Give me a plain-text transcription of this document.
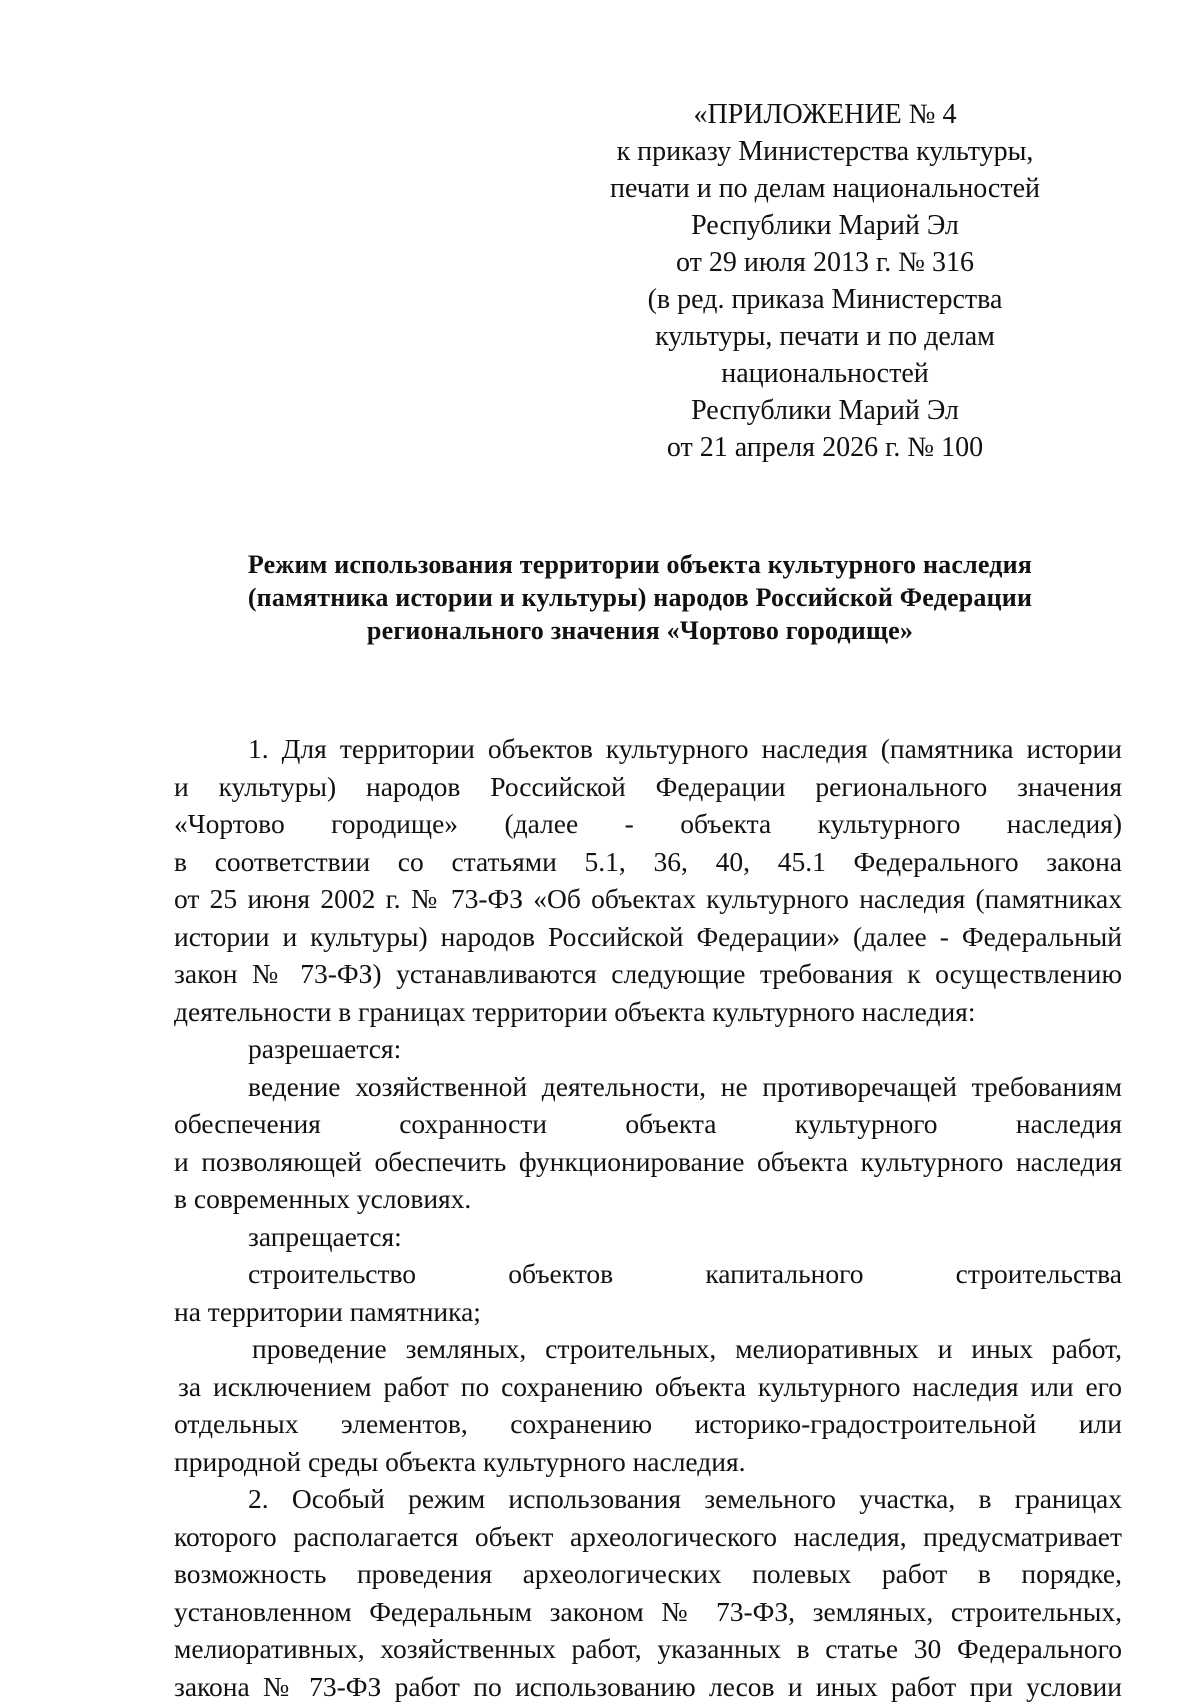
«ПРИЛОЖЕНИЕ № 4
к приказу Министерства культуры,
печати и по делам национальностей
Республики Марий Эл
от 29 июля 2013 г. № 316
(в ред. приказа Министерства
культуры, печати и по делам
национальностей
Республики Марий Эл
от 21 апреля 2026 г. № 100
Режим использования территории объекта культурного наследия
(памятника истории и культуры) народов Российской Федерации
регионального значения «Чортово городище»
1. Для территории объектов культурного наследия (памятника истории
и культуры) народов Российской Федерации регионального значения
«Чортово городище» (далее - объекта культурного наследия)
в соответствии со статьями 5.1, 36, 40, 45.1 Федерального закона
от 25 июня 2002 г. № 73-ФЗ «Об объектах культурного наследия (памятниках
истории и культуры) народов Российской Федерации» (далее - Федеральный
закон № 73-ФЗ) устанавливаются следующие требования к осуществлению
деятельности в границах территории объекта культурного наследия:
разрешается:
ведение хозяйственной деятельности, не противоречащей требованиям
обеспечения сохранности объекта культурного наследия
и позволяющей обеспечить функционирование объекта культурного наследия
в современных условиях.
запрещается:
строительство объектов капитального строительства
на территории памятника;
проведение земляных, строительных, мелиоративных и иных работ,
за исключением работ по сохранению объекта культурного наследия или его
отдельных элементов, сохранению историко-градостроительной или
природной среды объекта культурного наследия.
2. Особый режим использования земельного участка, в границах
которого располагается объект археологического наследия, предусматривает
возможность проведения археологических полевых работ в порядке,
установленном Федеральным законом № 73-ФЗ, земляных, строительных,
мелиоративных, хозяйственных работ, указанных в статье 30 Федерального
закона № 73-ФЗ работ по использованию лесов и иных работ при условии
